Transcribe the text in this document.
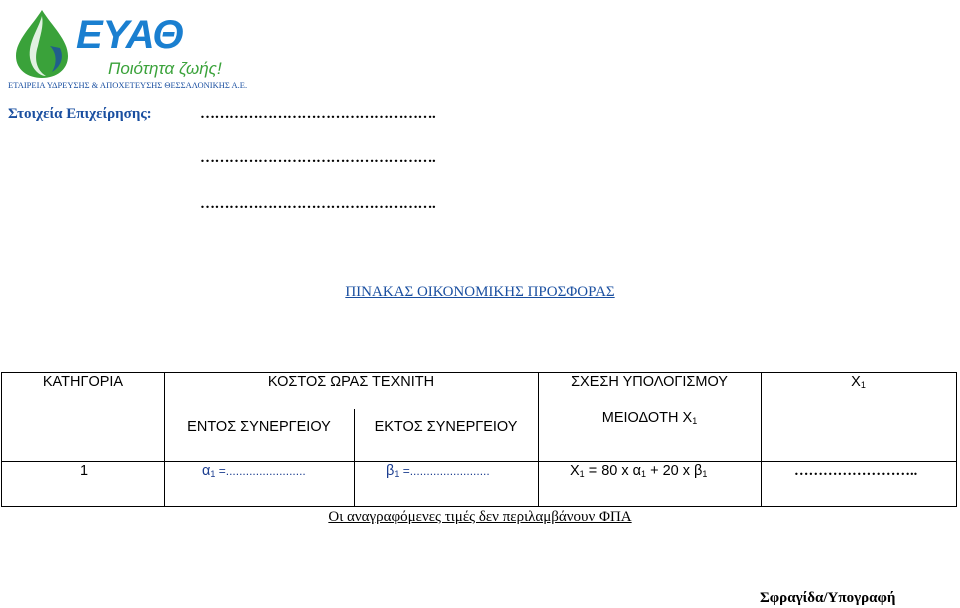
ΕΥΑΘ
Ποιότητα ζωής!
ΕΤΑΙΡΕΙΑ ΥΔΡΕΥΣΗΣ & ΑΠΟΧΕΤΕΥΣΗΣ ΘΕΣΣΑΛΟΝΙΚΗΣ Α.Ε.
Στοιχεία Επιχείρησης:	………………………………………….
………………………………………….
………………………………………….
ΠΙΝΑΚΑΣ ΟΙΚΟΝΟΜΙΚΗΣ ΠΡΟΣΦΟΡΑΣ
ΚΑΤΗΓΟΡΙΑ	ΚΟΣΤΟΣ ΩΡΑΣ ΤΕΧΝΙΤΗ	ΣΧΕΣΗ ΥΠΟΛΟΓΙΣΜΟΥ	$X_1$
ΕΝΤΟΣ ΣΥΝΕΡΓΕΙΟΥ	ΕΚΤΟΣ ΣΥΝΕΡΓΕΙΟΥ
ΜΕΙΟΔΟΤΗ $X_1$
1	$\alpha_1$ =........................	$\beta_1$ =........................	$X_1 = 80$ x $\alpha_1 + 20$ x $\beta_1$	……………………..
Οι αναγραφόμενες τιμές δεν περιλαμβάνουν ΦΠΑ
Σφραγίδα/Υπογραφή
